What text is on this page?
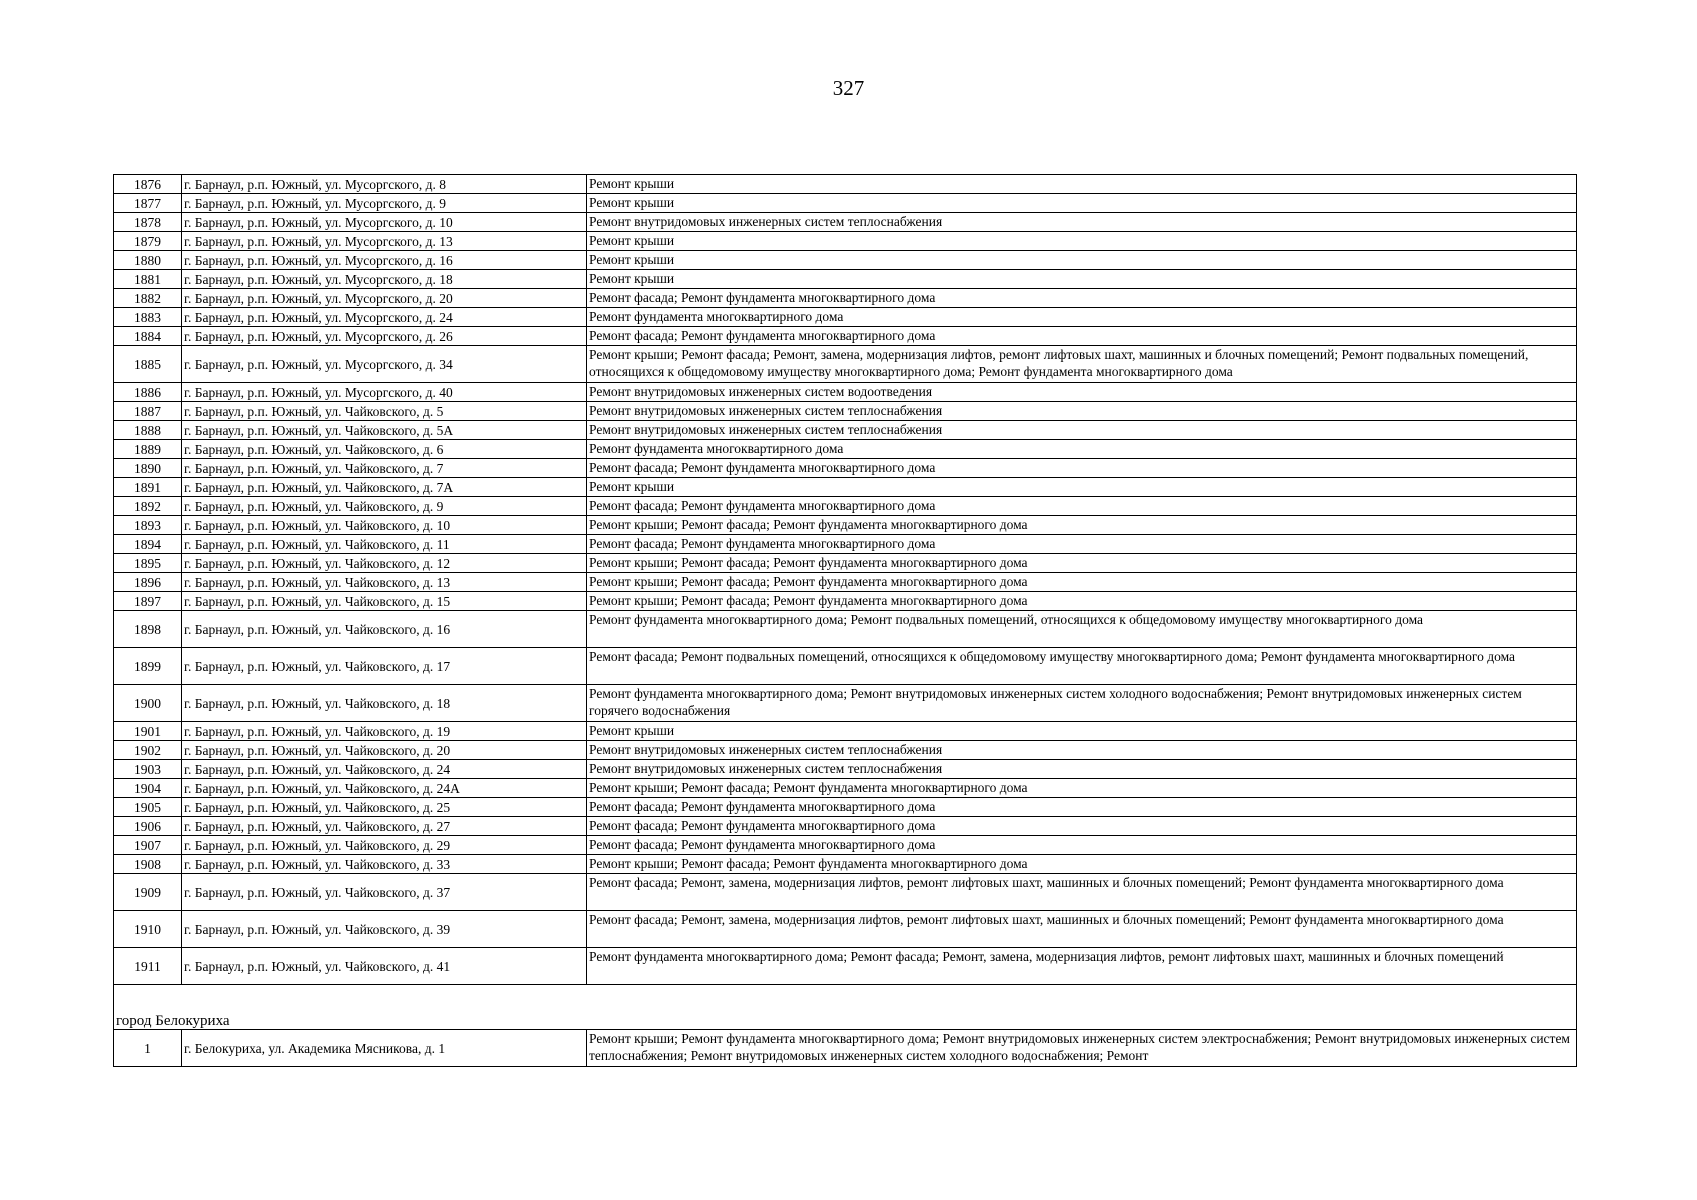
327
1876	г. Барнаул, р.п. Южный, ул. Мусоргского, д. 8	Ремонт крыши
1877	г. Барнаул, р.п. Южный, ул. Мусоргского, д. 9	Ремонт крыши
1878	г. Барнаул, р.п. Южный, ул. Мусоргского, д. 10	Ремонт внутридомовых инженерных систем теплоснабжения
1879	г. Барнаул, р.п. Южный, ул. Мусоргского, д. 13	Ремонт крыши
1880	г. Барнаул, р.п. Южный, ул. Мусоргского, д. 16	Ремонт крыши
1881	г. Барнаул, р.п. Южный, ул. Мусоргского, д. 18	Ремонт крыши
1882	г. Барнаул, р.п. Южный, ул. Мусоргского, д. 20	Ремонт фасада; Ремонт фундамента многоквартирного дома
1883	г. Барнаул, р.п. Южный, ул. Мусоргского, д. 24	Ремонт фундамента многоквартирного дома
1884	г. Барнаул, р.п. Южный, ул. Мусоргского, д. 26	Ремонт фасада; Ремонт фундамента многоквартирного дома
1885	г. Барнаул, р.п. Южный, ул. Мусоргского, д. 34	Ремонт крыши; Ремонт фасада; Ремонт, замена, модернизация лифтов, ремонт лифтовых шахт, машинных и блочных помещений; Ремонт подвальных помещений, относящихся к общедомовому имуществу многоквартирного дома; Ремонт фундамента многоквартирного дома
1886	г. Барнаул, р.п. Южный, ул. Мусоргского, д. 40	Ремонт внутридомовых инженерных систем водоотведения
1887	г. Барнаул, р.п. Южный, ул. Чайковского, д. 5	Ремонт внутридомовых инженерных систем теплоснабжения
1888	г. Барнаул, р.п. Южный, ул. Чайковского, д. 5А	Ремонт внутридомовых инженерных систем теплоснабжения
1889	г. Барнаул, р.п. Южный, ул. Чайковского, д. 6	Ремонт фундамента многоквартирного дома
1890	г. Барнаул, р.п. Южный, ул. Чайковского, д. 7	Ремонт фасада; Ремонт фундамента многоквартирного дома
1891	г. Барнаул, р.п. Южный, ул. Чайковского, д. 7А	Ремонт крыши
1892	г. Барнаул, р.п. Южный, ул. Чайковского, д. 9	Ремонт фасада; Ремонт фундамента многоквартирного дома
1893	г. Барнаул, р.п. Южный, ул. Чайковского, д. 10	Ремонт крыши; Ремонт фасада; Ремонт фундамента многоквартирного дома
1894	г. Барнаул, р.п. Южный, ул. Чайковского, д. 11	Ремонт фасада; Ремонт фундамента многоквартирного дома
1895	г. Барнаул, р.п. Южный, ул. Чайковского, д. 12	Ремонт крыши; Ремонт фасада; Ремонт фундамента многоквартирного дома
1896	г. Барнаул, р.п. Южный, ул. Чайковского, д. 13	Ремонт крыши; Ремонт фасада; Ремонт фундамента многоквартирного дома
1897	г. Барнаул, р.п. Южный, ул. Чайковского, д. 15	Ремонт крыши; Ремонт фасада; Ремонт фундамента многоквартирного дома
1898	г. Барнаул, р.п. Южный, ул. Чайковского, д. 16	Ремонт фундамента многоквартирного дома; Ремонт подвальных помещений, относящихся к общедомовому имуществу многоквартирного дома
1899	г. Барнаул, р.п. Южный, ул. Чайковского, д. 17	Ремонт фасада; Ремонт подвальных помещений, относящихся к общедомовому имуществу многоквартирного дома; Ремонт фундамента многоквартирного дома
1900	г. Барнаул, р.п. Южный, ул. Чайковского, д. 18	Ремонт фундамента многоквартирного дома; Ремонт внутридомовых инженерных систем холодного водоснабжения; Ремонт внутридомовых инженерных систем горячего водоснабжения
1901	г. Барнаул, р.п. Южный, ул. Чайковского, д. 19	Ремонт крыши
1902	г. Барнаул, р.п. Южный, ул. Чайковского, д. 20	Ремонт внутридомовых инженерных систем теплоснабжения
1903	г. Барнаул, р.п. Южный, ул. Чайковского, д. 24	Ремонт внутридомовых инженерных систем теплоснабжения
1904	г. Барнаул, р.п. Южный, ул. Чайковского, д. 24А	Ремонт крыши; Ремонт фасада; Ремонт фундамента многоквартирного дома
1905	г. Барнаул, р.п. Южный, ул. Чайковского, д. 25	Ремонт фасада; Ремонт фундамента многоквартирного дома
1906	г. Барнаул, р.п. Южный, ул. Чайковского, д. 27	Ремонт фасада; Ремонт фундамента многоквартирного дома
1907	г. Барнаул, р.п. Южный, ул. Чайковского, д. 29	Ремонт фасада; Ремонт фундамента многоквартирного дома
1908	г. Барнаул, р.п. Южный, ул. Чайковского, д. 33	Ремонт крыши; Ремонт фасада; Ремонт фундамента многоквартирного дома
1909	г. Барнаул, р.п. Южный, ул. Чайковского, д. 37	Ремонт фасада; Ремонт, замена, модернизация лифтов, ремонт лифтовых шахт, машинных и блочных помещений; Ремонт фундамента многоквартирного дома
1910	г. Барнаул, р.п. Южный, ул. Чайковского, д. 39	Ремонт фасада; Ремонт, замена, модернизация лифтов, ремонт лифтовых шахт, машинных и блочных помещений; Ремонт фундамента многоквартирного дома
1911	г. Барнаул, р.п. Южный, ул. Чайковского, д. 41	Ремонт фундамента многоквартирного дома; Ремонт фасада; Ремонт, замена, модернизация лифтов, ремонт лифтовых шахт, машинных и блочных помещений

город Белокуриха		
1	г. Белокуриха, ул. Академика Мясникова, д. 1	Ремонт крыши; Ремонт фундамента многоквартирного дома; Ремонт внутридомовых инженерных систем электроснабжения; Ремонт внутридомовых инженерных систем теплоснабжения; Ремонт внутридомовых инженерных систем холодного водоснабжения; Ремонт
